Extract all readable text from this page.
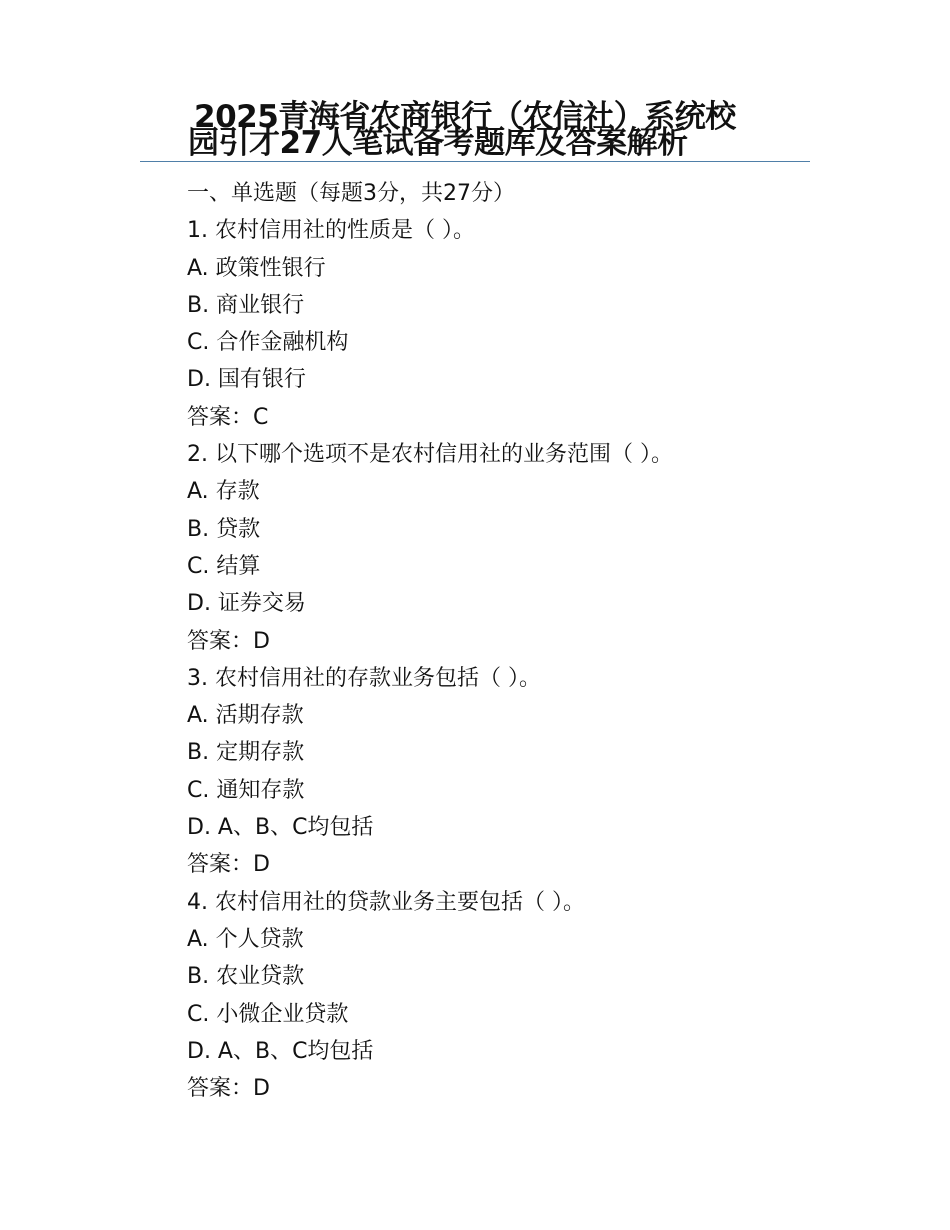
2025青海省农商银行（农信社）系统校
园引才27人笔试备考题库及答案解析
一、单选题（每题3分，共27分）
1. 农村信用社的性质是（ ）。
A. 政策性银行
B. 商业银行
C. 合作金融机构
D. 国有银行
答案：C
2. 以下哪个选项不是农村信用社的业务范围（ ）。
A. 存款
B. 贷款
C. 结算
D. 证券交易
答案：D
3. 农村信用社的存款业务包括（ ）。
A. 活期存款
B. 定期存款
C. 通知存款
D. A、B、C均包括
答案：D
4. 农村信用社的贷款业务主要包括（ ）。
A. 个人贷款
B. 农业贷款
C. 小微企业贷款
D. A、B、C均包括
答案：D
